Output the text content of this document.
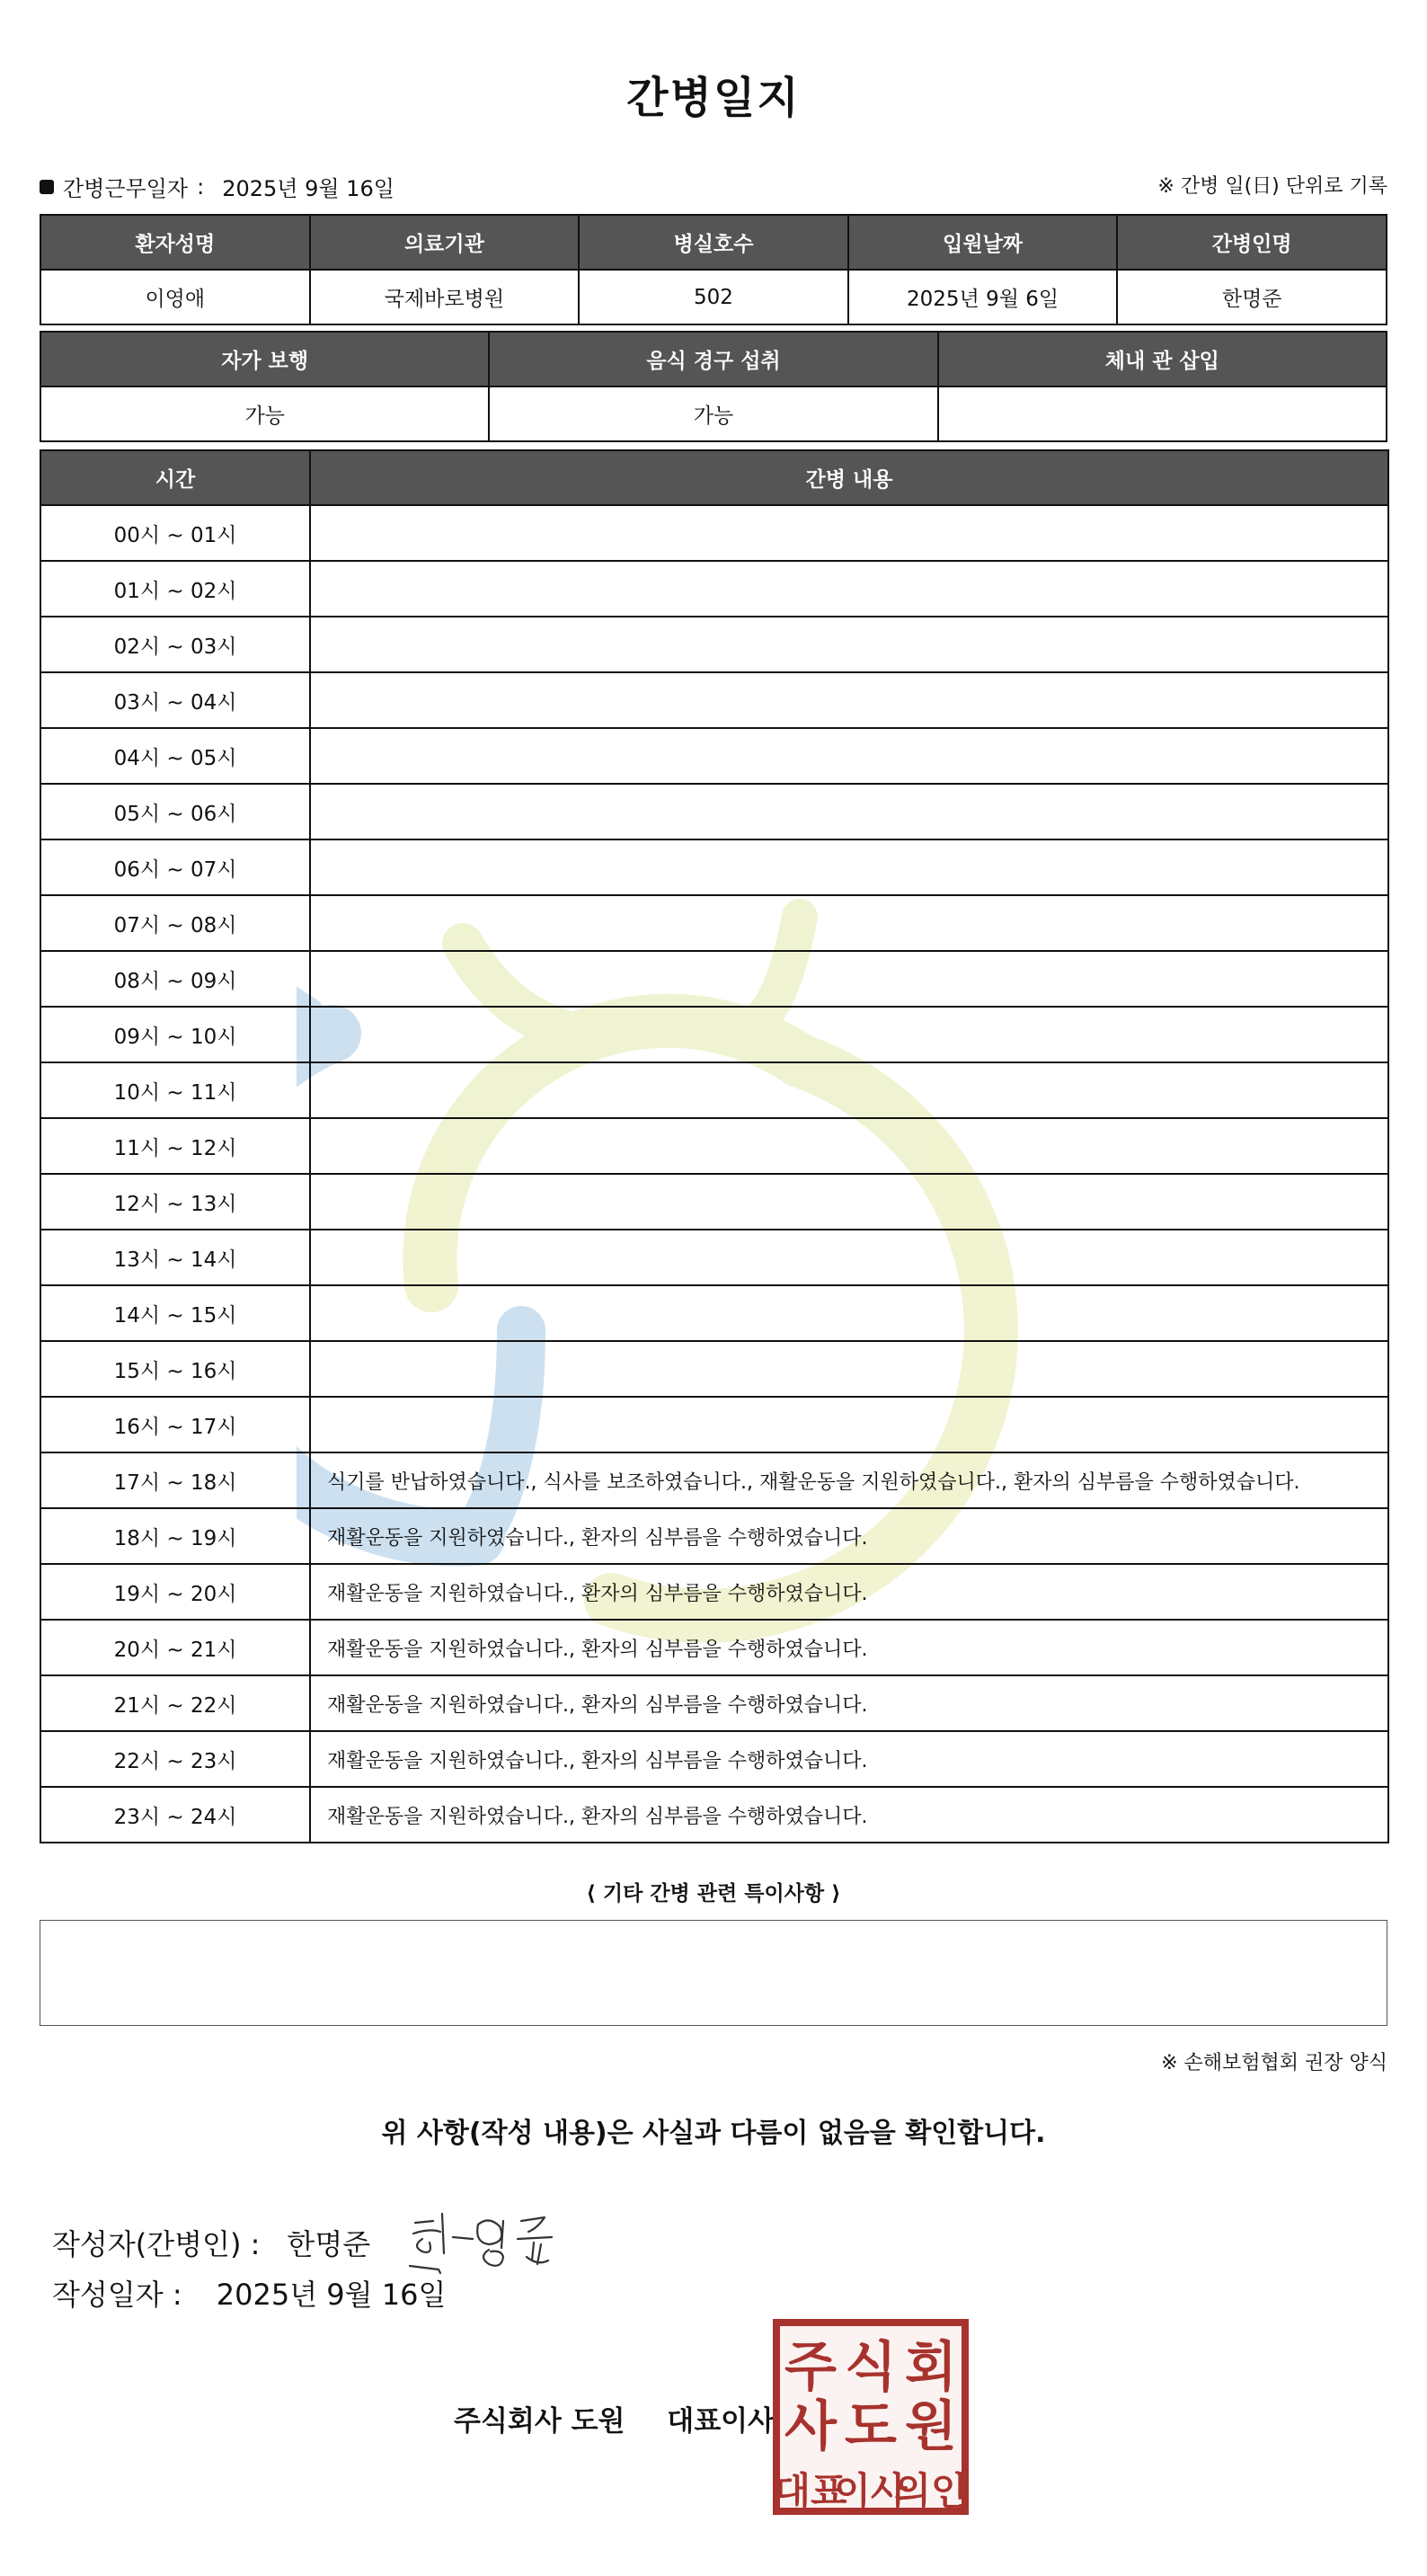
간병일지
간병근무일자 : 2025년 9월 16일	※ 간병 일(日) 단위로 기록
환자성명	의료기관	병실호수	입원날짜	간병인명
이영애	국제바로병원	502	2025년 9월 6일	한명준
자가 보행	음식 경구 섭취	체내 관 삽입
가능	가능	
시간	간병 내용
00시 ~ 01시	
01시 ~ 02시	
02시 ~ 03시	
03시 ~ 04시	
04시 ~ 05시	
05시 ~ 06시	
06시 ~ 07시	
07시 ~ 08시	
08시 ~ 09시	
09시 ~ 10시	
10시 ~ 11시	
11시 ~ 12시	
12시 ~ 13시	
13시 ~ 14시	
14시 ~ 15시	
15시 ~ 16시	
16시 ~ 17시	
17시 ~ 18시	식기를 반납하였습니다., 식사를 보조하였습니다., 재활운동을 지원하였습니다., 환자의 심부름을 수행하였습니다.
18시 ~ 19시	재활운동을 지원하였습니다., 환자의 심부름을 수행하였습니다.
19시 ~ 20시	재활운동을 지원하였습니다., 환자의 심부름을 수행하였습니다.
20시 ~ 21시	재활운동을 지원하였습니다., 환자의 심부름을 수행하였습니다.
21시 ~ 22시	재활운동을 지원하였습니다., 환자의 심부름을 수행하였습니다.
22시 ~ 23시	재활운동을 지원하였습니다., 환자의 심부름을 수행하였습니다.
23시 ~ 24시	재활운동을 지원하였습니다., 환자의 심부름을 수행하였습니다.
⟨ 기타 간병 관련 특이사항 ⟩
※ 손해보험협회 권장 양식
위 사항(작성 내용)은 사실과 다름이 없음을 확인합니다.
작성자(간병인) : 한명준
작성일자 : 2025년 9월 16일
주식회사 도원 대표이사
주 식 회
사 도 원
대표
이사
의인
